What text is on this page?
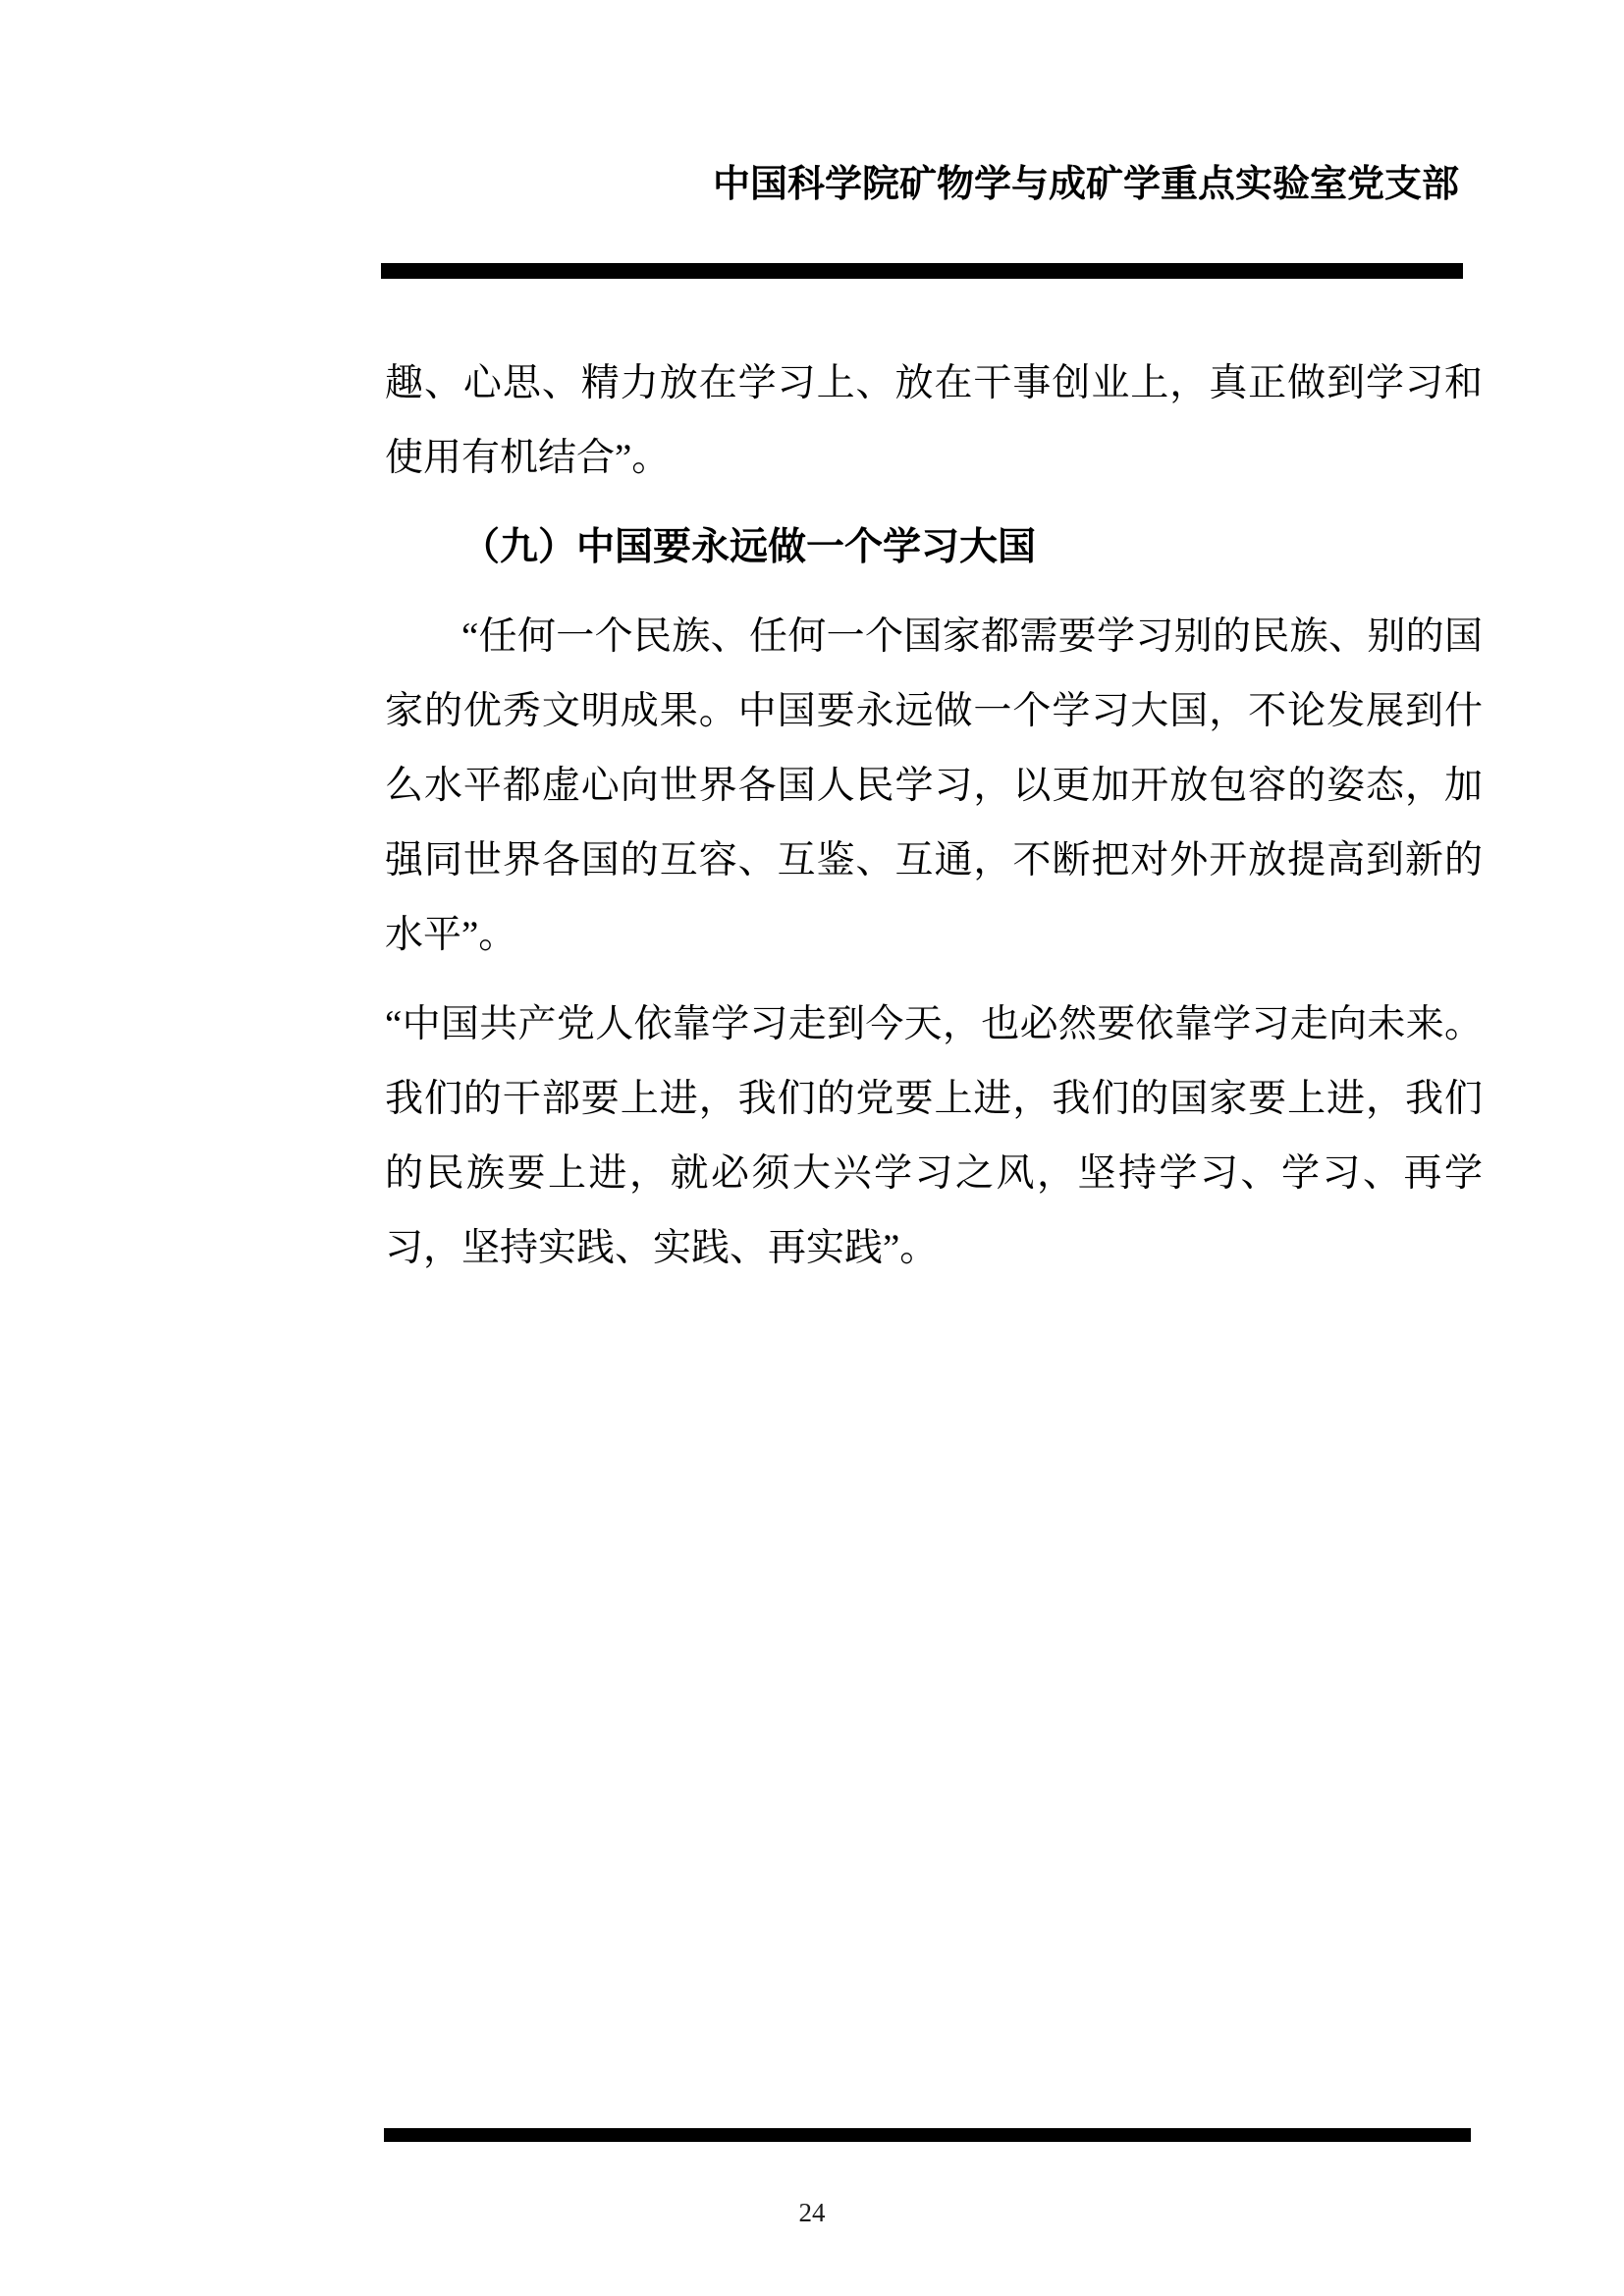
中国科学院矿物学与成矿学重点实验室党支部

趣、心思、精力放在学习上、放在干事创业上，真正做到学习和使用有机结合”。

（九）中国要永远做一个学习大国

“任何一个民族、任何一个国家都需要学习别的民族、别的国家的优秀文明成果。中国要永远做一个学习大国，不论发展到什么水平都虚心向世界各国人民学习，以更加开放包容的姿态，加强同世界各国的互容、互鉴、互通，不断把对外开放提高到新的水平”。

“中国共产党人依靠学习走到今天，也必然要依靠学习走向未来。我们的干部要上进，我们的党要上进，我们的国家要上进，我们的民族要上进，就必须大兴学习之风，坚持学习、学习、再学习，坚持实践、实践、再实践”。

24
